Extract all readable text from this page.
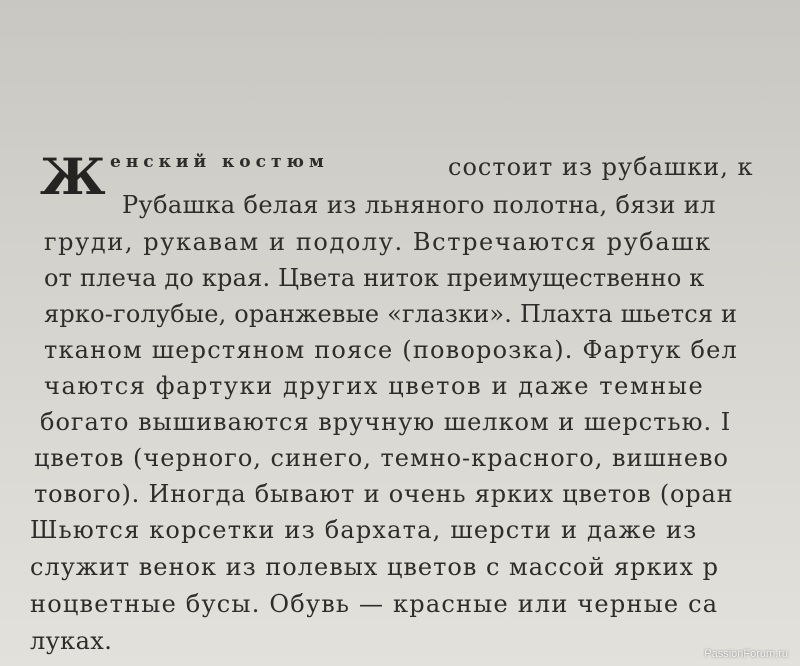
Ж енский костюм	состоит из рубашки, к
Рубашка белая из льняного полотна, бязи ил
груди, рукавам и подолу. Встречаются рубашк
от плеча до края. Цвета ниток преимущественно к
ярко-голубые, оранжевые «глазки». Плахта шьется и
тканом шерстяном поясе (поворозка). Фартук бел
чаются фартуки других цветов и даже темные
богато вышиваются вручную шелком и шерстью. І
цветов (черного, синего, темно-красного, вишнево
тового). Иногда бывают и очень ярких цветов (оран
Шьются корсетки из бархата, шерсти и даже из
служит венок из полевых цветов с массой ярких р
ноцветные бусы. Обувь — красные или черные са
луках.	PassionForum.ru
